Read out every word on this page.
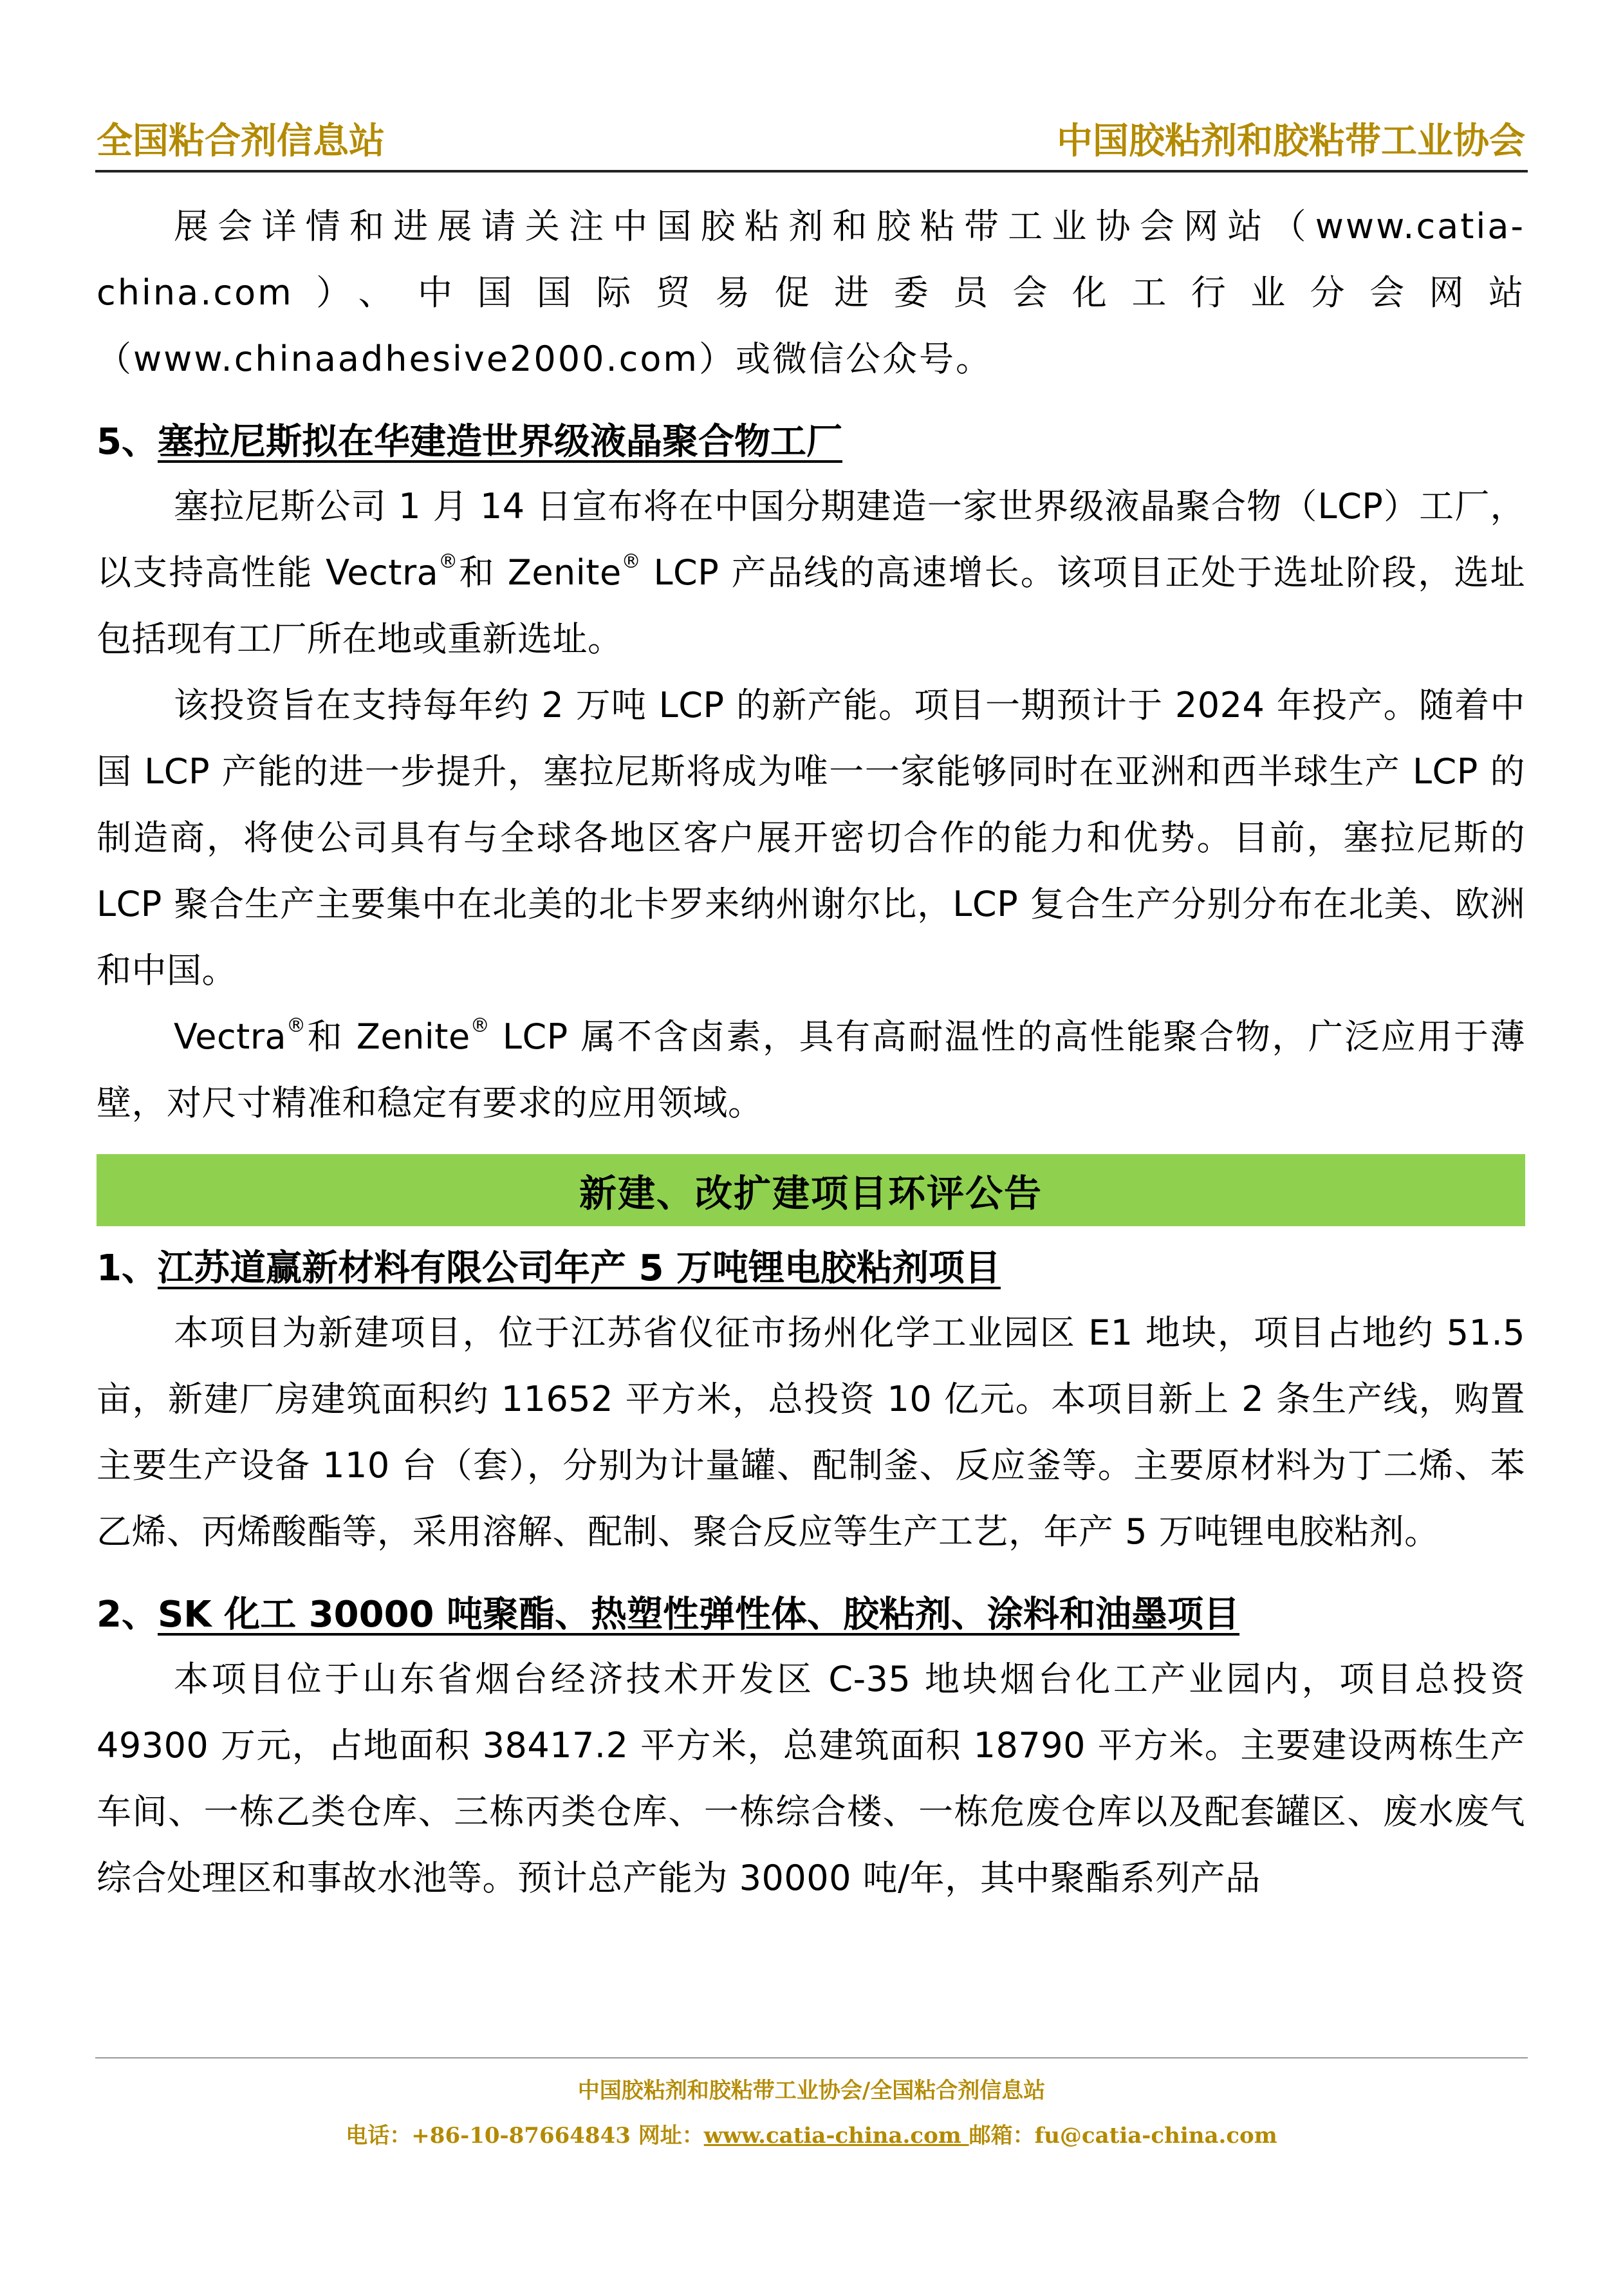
全国粘合剂信息站	中国胶粘剂和胶粘带工业协会

展会详情和进展请关注中国胶粘剂和胶粘带工业协会网站（www.catia-china.com）、中国国际贸易促进委员会化工行业分会网站（www.chinaadhesive2000.com）或微信公众号。

5、塞拉尼斯拟在华建造世界级液晶聚合物工厂

塞拉尼斯公司 1 月 14 日宣布将在中国分期建造一家世界级液晶聚合物（LCP）工厂，以支持高性能 Vectra®和 Zenite® LCP 产品线的高速增长。该项目正处于选址阶段，选址包括现有工厂所在地或重新选址。

该投资旨在支持每年约 2 万吨 LCP 的新产能。项目一期预计于 2024 年投产。随着中国 LCP 产能的进一步提升，塞拉尼斯将成为唯一一家能够同时在亚洲和西半球生产 LCP 的制造商，将使公司具有与全球各地区客户展开密切合作的能力和优势。目前，塞拉尼斯的 LCP 聚合生产主要集中在北美的北卡罗来纳州谢尔比，LCP 复合生产分别分布在北美、欧洲和中国。

Vectra®和 Zenite® LCP 属不含卤素，具有高耐温性的高性能聚合物，广泛应用于薄壁，对尺寸精准和稳定有要求的应用领域。

新建、改扩建项目环评公告
1、江苏道赢新材料有限公司年产 5 万吨锂电胶粘剂项目

本项目为新建项目，位于江苏省仪征市扬州化学工业园区 E1 地块，项目占地约 51.5 亩，新建厂房建筑面积约 11652 平方米，总投资 10 亿元。本项目新上 2 条生产线，购置主要生产设备 110 台（套），分别为计量罐、配制釜、反应釜等。主要原材料为丁二烯、苯乙烯、丙烯酸酯等，采用溶解、配制、聚合反应等生产工艺，年产 5 万吨锂电胶粘剂。

2、SK 化工 30000 吨聚酯、热塑性弹性体、胶粘剂、涂料和油墨项目

本项目位于山东省烟台经济技术开发区 C-35 地块烟台化工产业园内，项目总投资 49300 万元，占地面积 38417.2 平方米，总建筑面积 18790 平方米。主要建设两栋生产车间、一栋乙类仓库、三栋丙类仓库、一栋综合楼、一栋危废仓库以及配套罐区、废水废气综合处理区和事故水池等。预计总产能为 30000 吨/年，其中聚酯系列产品

中国胶粘剂和胶粘带工业协会/全国粘合剂信息站
电话：+86-10-87664843 网址：www.catia-china.com 邮箱：fu@catia-china.com
